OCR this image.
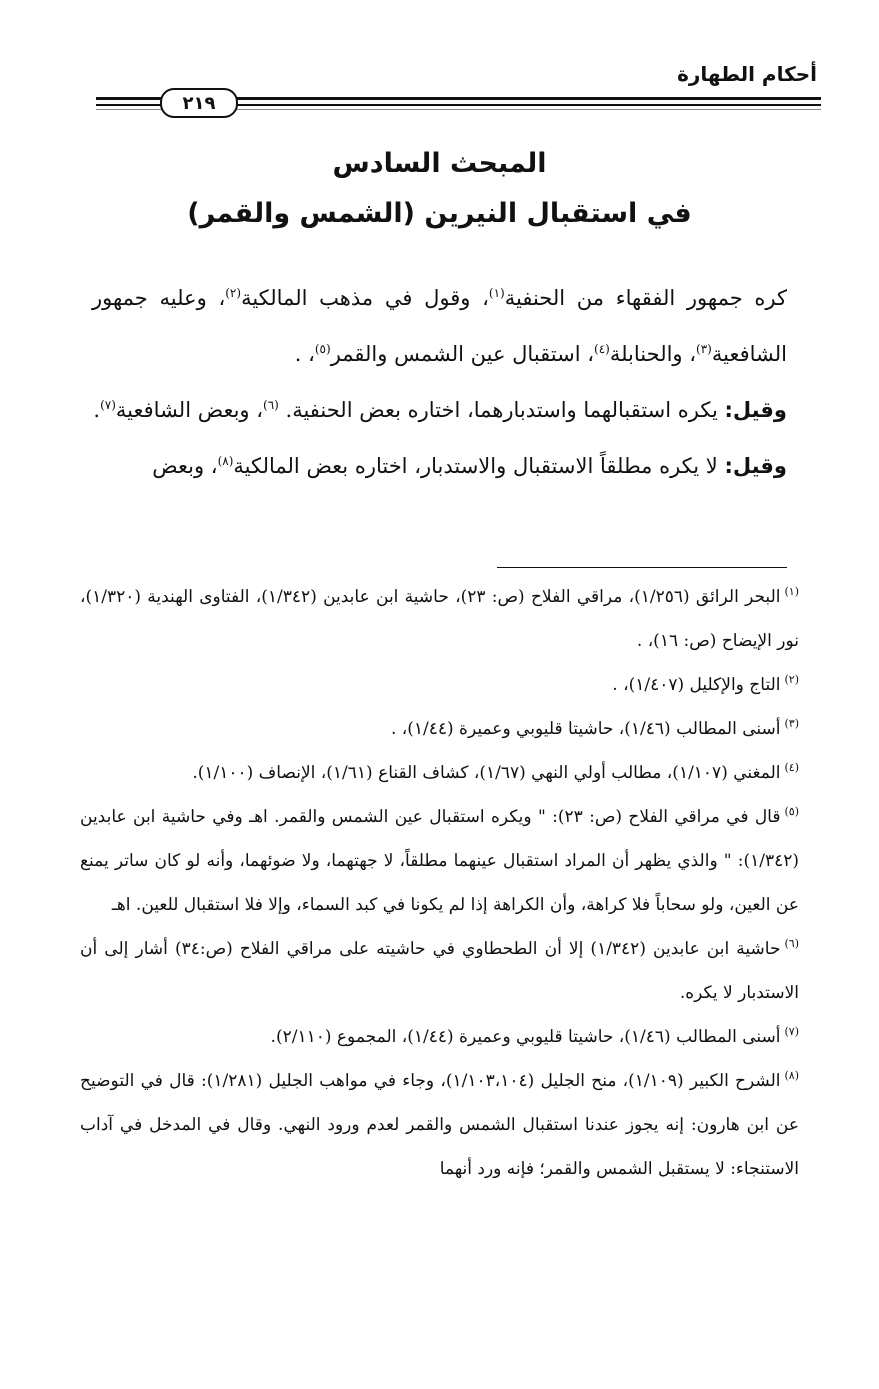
أحكام الطهارة
٢١٩
المبحث السادس
في استقبال النيرين (الشمس والقمر)

كره جمهور الفقهاء من الحنفية$^{(١)}$، وقول في مذهب المالكية$^{(٢)}$، وعليه جمهور الشافعية$^{(٣)}$، والحنابلة$^{(٤)}$، استقبال عين الشمس والقمر$^{(٥)}$، .

وقيل: يكره استقبالهما واستدبارهما، اختاره بعض الحنفية. $^{(٦)}$، وبعض الشافعية$^{(٧)}$.

وقيل: لا يكره مطلقاً الاستقبال والاستدبار، اختاره بعض المالكية$^{(٨)}$، وبعض

$^{(١)}$البحر الرائق (١/٢٥٦)، مراقي الفلاح (ص: ٢٣)، حاشية ابن عابدين (١/٣٤٢)، الفتاوى الهندية (١/٣٢٠)، نور الإيضاح (ص: ١٦)، .

$^{(٢)}$التاج والإكليل (١/٤٠٧)، .

$^{(٣)}$أسنى المطالب (١/٤٦)، حاشيتا قليوبي وعميرة (١/٤٤)، .

$^{(٤)}$المغني (١/١٠٧)، مطالب أولي النهي (١/٦٧)، كشاف القناع (١/٦١)، الإنصاف (١/١٠٠).

$^{(٥)}$قال في مراقي الفلاح (ص: ٢٣): " ويكره استقبال عين الشمس والقمر. اهـ وفي حاشية ابن عابدين (١/٣٤٢): " والذي يظهر أن المراد استقبال عينهما مطلقاً، لا جهتهما، ولا ضوئهما، وأنه لو كان ساتر يمنع عن العين، ولو سحاباً فلا كراهة، وأن الكراهة إذا لم يكونا في كبد السماء، وإلا فلا استقبال للعين. اهـ

$^{(٦)}$حاشية ابن عابدين (١/٣٤٢) إلا أن الطحطاوي في حاشيته على مراقي الفلاح (ص:٣٤) أشار إلى أن الاستدبار لا يكره.

$^{(٧)}$أسنى المطالب (١/٤٦)، حاشيتا قليوبي وعميرة (١/٤٤)، المجموع (٢/١١٠).

$^{(٨)}$الشرح الكبير (١/١٠٩)، منح الجليل (١/١٠٣،١٠٤)، وجاء في مواهب الجليل (١/٢٨١): قال في التوضيح عن ابن هارون: إنه يجوز عندنا استقبال الشمس والقمر لعدم ورود النهي. وقال في المدخل في آداب الاستنجاء: لا يستقبل الشمس والقمر؛ فإنه ورد أنهما
